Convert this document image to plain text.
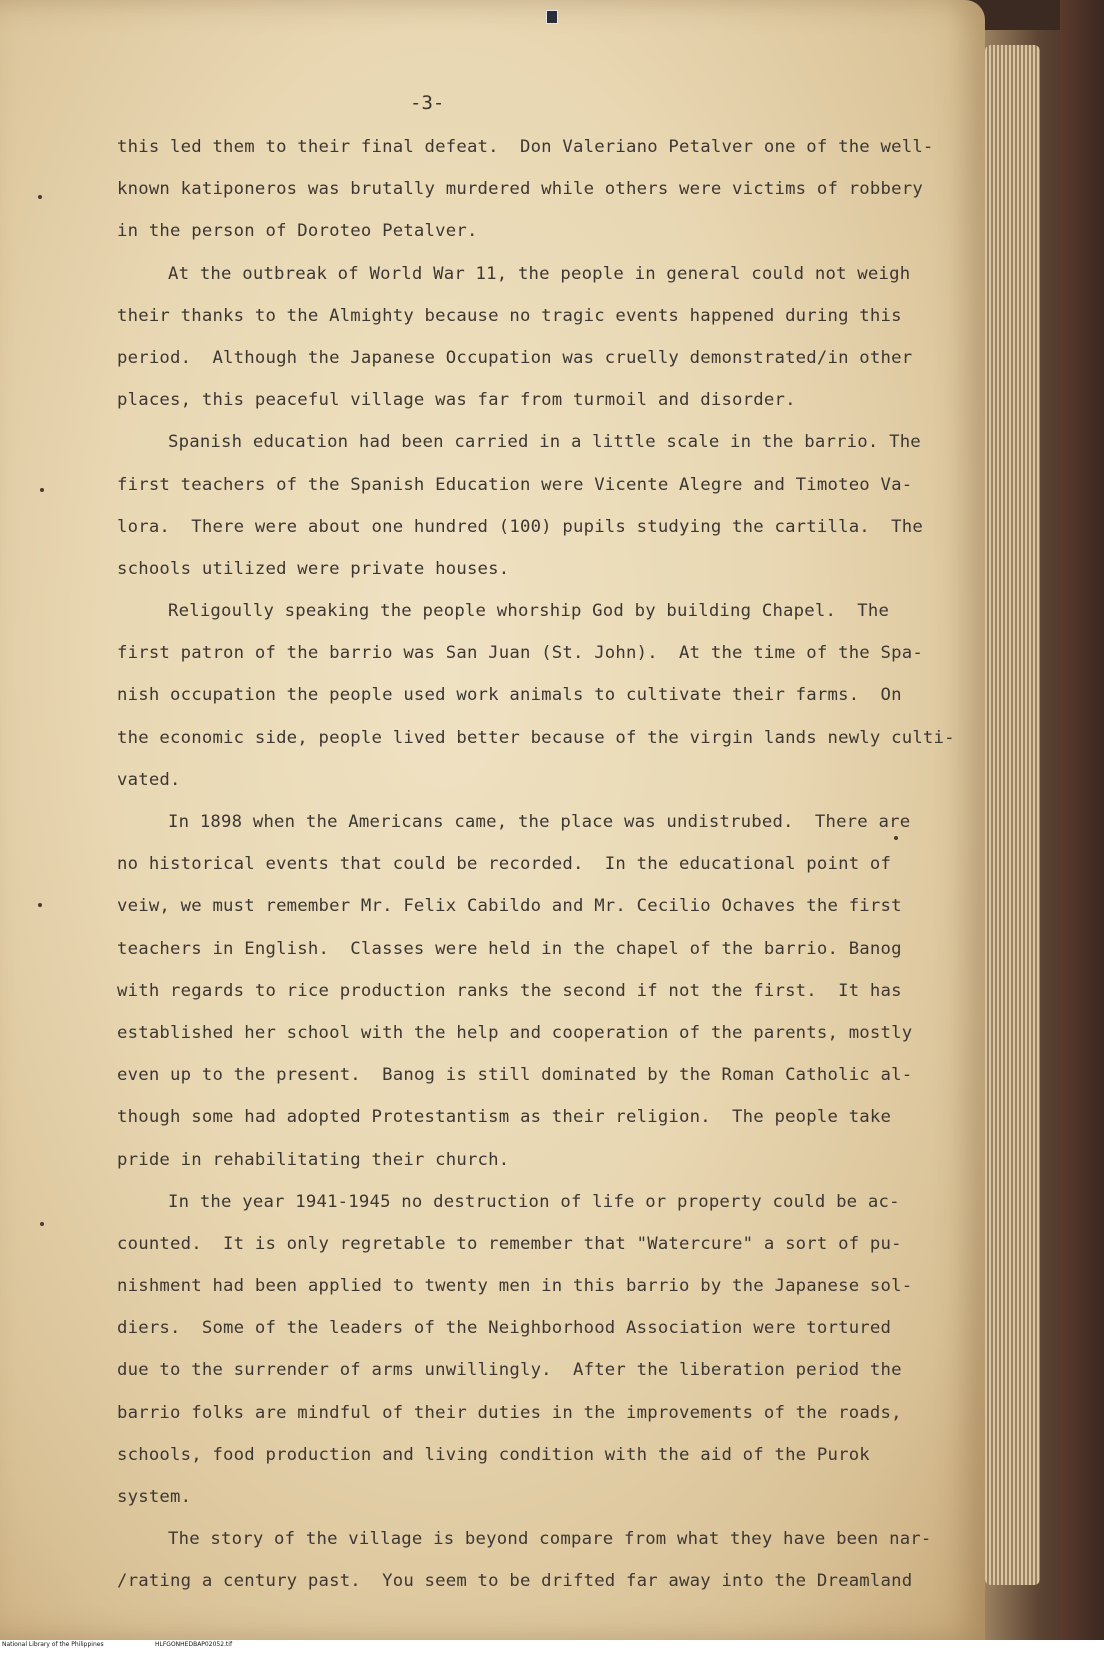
-3-
this led them to their final defeat.  Don Valeriano Petalver one of the well-
known katiponeros was brutally murdered while others were victims of robbery
in the person of Doroteo Petalver.
At the outbreak of World War 11, the people in general could not weigh
their thanks to the Almighty because no tragic events happened during this
period.  Although the Japanese Occupation was cruelly demonstrated/in other
places, this peaceful village was far from turmoil and disorder.
Spanish education had been carried in a little scale in the barrio. The
first teachers of the Spanish Education were Vicente Alegre and Timoteo Va-
lora.  There were about one hundred (100) pupils studying the cartilla.  The
schools utilized were private houses.
Religoully speaking the people whorship God by building Chapel.  The
first patron of the barrio was San Juan (St. John).  At the time of the Spa-
nish occupation the people used work animals to cultivate their farms.  On
the economic side, people lived better because of the virgin lands newly culti-
vated.
In 1898 when the Americans came, the place was undistrubed.  There are
no historical events that could be recorded.  In the educational point of
veiw, we must remember Mr. Felix Cabildo and Mr. Cecilio Ochaves the first
teachers in English.  Classes were held in the chapel of the barrio. Banog
with regards to rice production ranks the second if not the first.  It has
established her school with the help and cooperation of the parents, mostly
even up to the present.  Banog is still dominated by the Roman Catholic al-
though some had adopted Protestantism as their religion.  The people take
pride in rehabilitating their church.
In the year 1941-1945 no destruction of life or property could be ac-
counted.  It is only regretable to remember that "Watercure" a sort of pu-
nishment had been applied to twenty men in this barrio by the Japanese sol-
diers.  Some of the leaders of the Neighborhood Association were tortured
due to the surrender of arms unwillingly.  After the liberation period the
barrio folks are mindful of their duties in the improvements of the roads,
schools, food production and living condition with the aid of the Purok
system.
The story of the village is beyond compare from what they have been nar-
/rating a century past.  You seem to be drifted far away into the Dreamland

National Library of the Philippines

	HLFGONHEDBAP02052.tif
